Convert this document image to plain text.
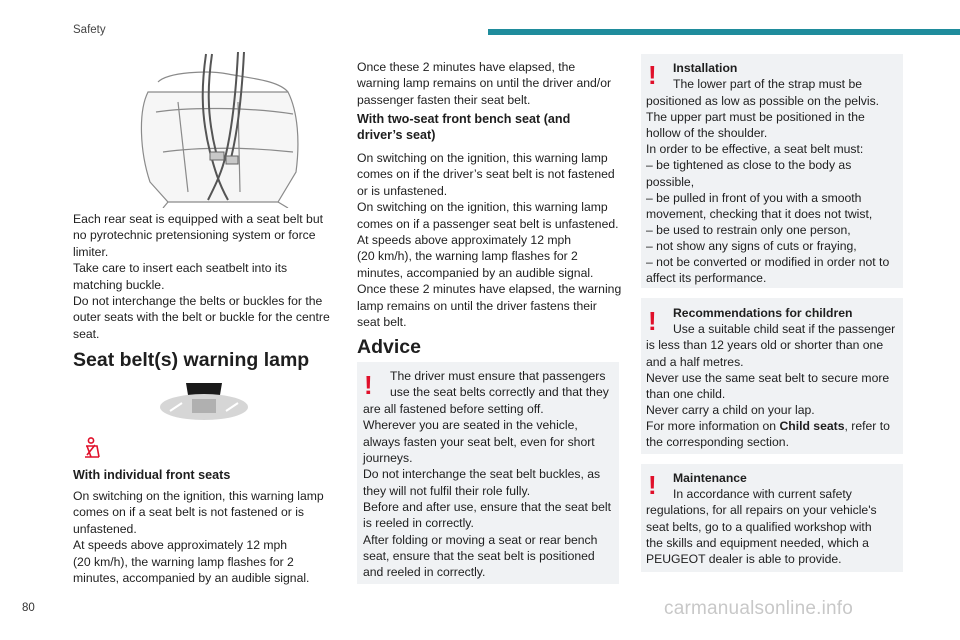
Safety
Each rear seat is equipped with a seat belt but
no pyrotechnic pretensioning system or force
limiter.
Take care to insert each seatbelt into its
matching buckle.
Do not interchange the belts or buckles for the
outer seats with the belt or buckle for the centre
seat.
Seat belt(s) warning lamp
With individual front seats
On switching on the ignition, this warning lamp
comes on if a seat belt is not fastened or is
unfastened.
At speeds above approximately 12 mph
(20 km/h), the warning lamp flashes for 2
minutes, accompanied by an audible signal.
Once these 2 minutes have elapsed, the
warning lamp remains on until the driver and/or
passenger fasten their seat belt.
With two-seat front bench seat (and
driver’s seat)
On switching on the ignition, this warning lamp
comes on if the driver’s seat belt is not fastened
or is unfastened.
On switching on the ignition, this warning lamp
comes on if a passenger seat belt is unfastened.
At speeds above approximately 12 mph
(20 km/h), the warning lamp flashes for 2
minutes, accompanied by an audible signal.
Once these 2 minutes have elapsed, the warning
lamp remains on until the driver fastens their
seat belt.
Advice
! The driver must ensure that passengers
use the seat belts correctly and that they
are all fastened before setting off.
Wherever you are seated in the vehicle,
always fasten your seat belt, even for short
journeys.
Do not interchange the seat belt buckles, as
they will not fulfil their role fully.
Before and after use, ensure that the seat belt
is reeled in correctly.
After folding or moving a seat or rear bench
seat, ensure that the seat belt is positioned
and reeled in correctly.
! Installation
The lower part of the strap must be
positioned as low as possible on the pelvis.
The upper part must be positioned in the
hollow of the shoulder.
In order to be effective, a seat belt must:
– be tightened as close to the body as
possible,
– be pulled in front of you with a smooth
movement, checking that it does not twist,
– be used to restrain only one person,
– not show any signs of cuts or fraying,
– not be converted or modified in order not to
affect its performance.
! Recommendations for children
Use a suitable child seat if the passenger
is less than 12 years old or shorter than one
and a half metres.
Never use the same seat belt to secure more
than one child.
Never carry a child on your lap.
For more information on Child seats, refer to
the corresponding section.
! Maintenance
In accordance with current safety
regulations, for all repairs on your vehicle's
seat belts, go to a qualified workshop with
the skills and equipment needed, which a
PEUGEOT dealer is able to provide.
80	carmanualsonline.info
